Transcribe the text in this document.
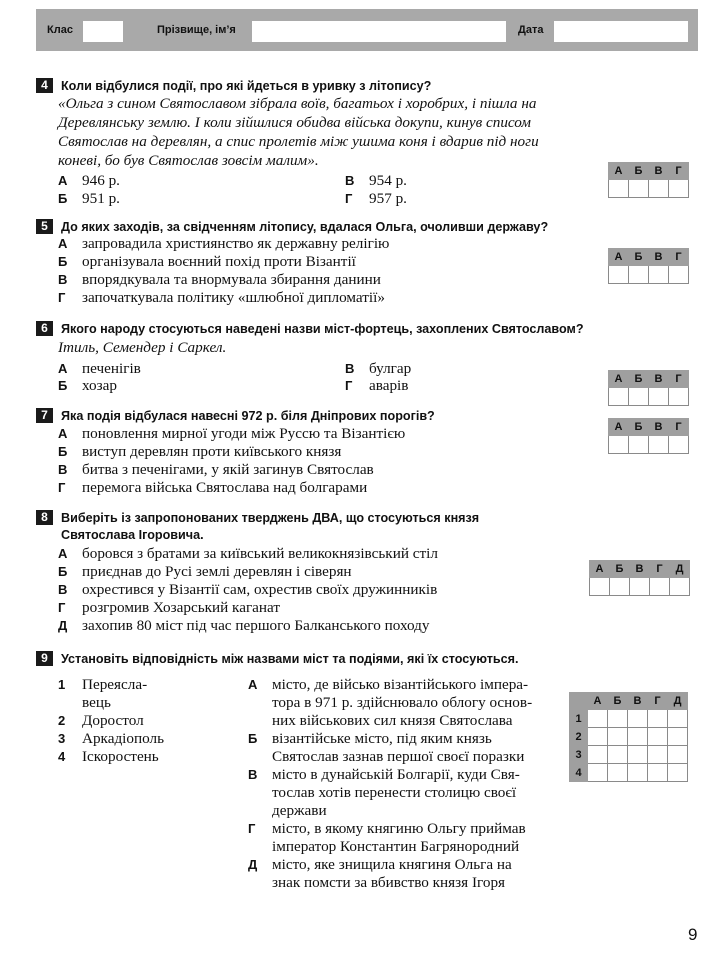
Клас	Прізвище, ім’я	Дата
4	Коли відбулися події, про які йдеться в уривку з літопису?
«Ольга з сином Святославом зібрала воїв, багатьох і хоробрих, і пішла на
Деревлянську землю. І коли зійшлися обидва війська докупи, кинув списом
Святослав на деревлян, а спис пролетів між ушима коня і вдарив під ноги
коневі, бо був Святослав зовсім малим».
А 946 р.
Б 951 р.
В 954 р.
Г 957 р.
А	Б	В	Г

5	До яких заходів, за свідченням літопису, вдалася Ольга, очоливши державу?
А запровадила християнство як державну релігію
Б організувала воєнний похід проти Візантії
В впорядкувала та внормувала збирання данини
Г започаткувала політику «шлюбної дипломатії»
А	Б	В	Г

6	Якого народу стосуються наведені назви міст-фортець, захоплених Святославом?
Ітиль, Семендер і Саркел.
А печенігів
Б хозар
В булгар
Г аварів	А	Б	В	Г

7	Яка подія відбулася навесні 972 р. біля Дніпрових порогів?
А поновлення мирної угоди між Руссю та Візантією
Б виступ деревлян проти київського князя
В битва з печенігами, у якій загинув Святослав
Г перемога війська Святослава над болгарами
А	Б	В	Г

8	Виберіть із запропонованих тверджень ДВА, що стосуються князя
Святослава Ігоровича.
А боровся з братами за київський великокнязівський стіл
Б приєднав до Русі землі деревлян і сіверян
В охрестився у Візантії сам, охрестив своїх дружинників
Г розгромив Хозарський каганат
Д захопив 80 міст під час першого Балканського походу
А	Б	В	Г	Д

9	Установіть відповідність між назвами міст та подіями, які їх стосуються.
1 Переясла-
вець
2 Доростол
3 Аркадіополь
4 Іскоростень
А місто, де військо візантійського імпера-
тора в 971 р. здійснювало облогу основ-
них військових сил князя Святослава
Б візантійське місто, під яким князь
Святослав зазнав першої своєї поразки
В місто в дунайській Болгарії, куди Свя-
тослав хотів перенести столицю своєї
держави
Г місто, в якому княгиню Ольгу приймав
імператор Константин Багрянородний
Д місто, яке знищила княгиня Ольга на
знак помсти за вбивство князя Ігоря
	А	Б	В	Г	Д
1					
2					
3					
4					
9
